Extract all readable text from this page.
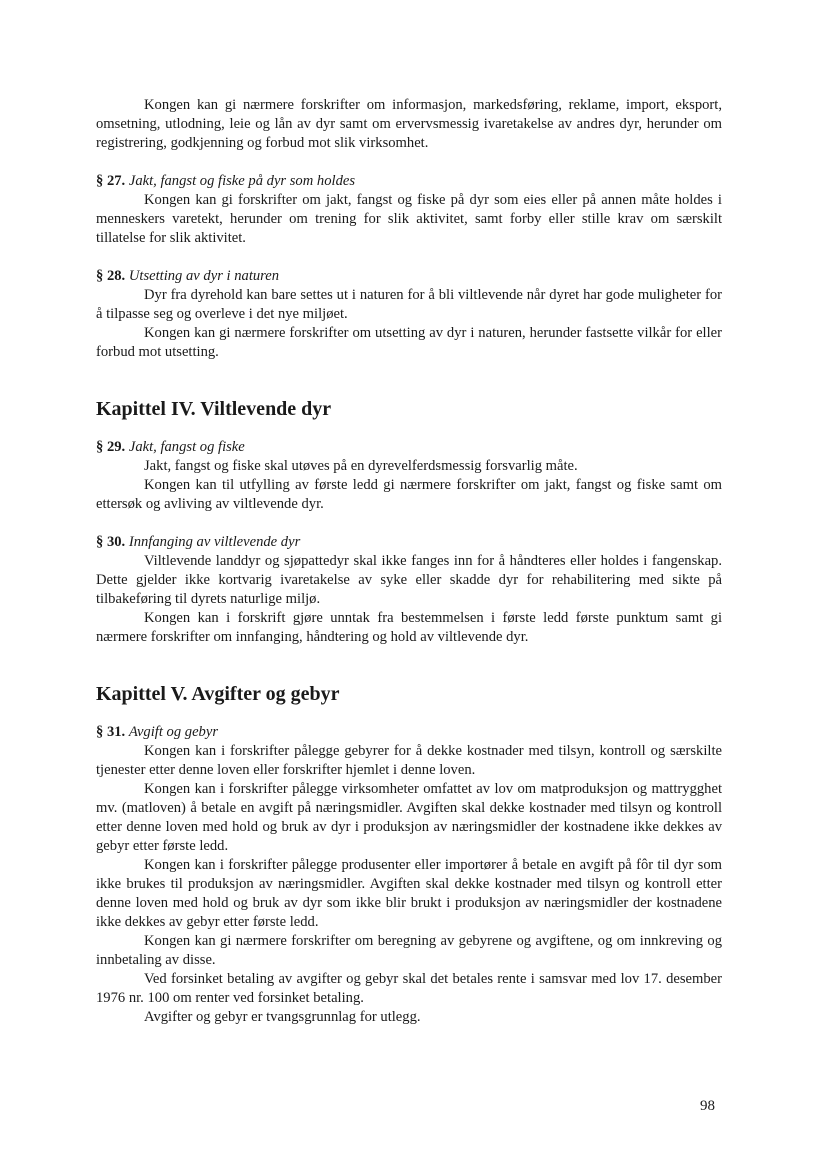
Kongen kan gi nærmere forskrifter om informasjon, markedsføring, reklame, import, eksport, omsetning, utlodning, leie og lån av dyr samt om ervervsmessig ivaretakelse av andres dyr, herunder om registrering, godkjenning og forbud mot slik virksomhet.

§ 27. Jakt, fangst og fiske på dyr som holdes

Kongen kan gi forskrifter om jakt, fangst og fiske på dyr som eies eller på annen måte holdes i menneskers varetekt, herunder om trening for slik aktivitet, samt forby eller stille krav om særskilt tillatelse for slik aktivitet.

§ 28. Utsetting av dyr i naturen

Dyr fra dyrehold kan bare settes ut i naturen for å bli viltlevende når dyret har gode muligheter for å tilpasse seg og overleve i det nye miljøet.

Kongen kan gi nærmere forskrifter om utsetting av dyr i naturen, herunder fastsette vilkår for eller forbud mot utsetting.

Kapittel IV. Viltlevende dyr

§ 29. Jakt, fangst og fiske

Jakt, fangst og fiske skal utøves på en dyrevelferdsmessig forsvarlig måte.

Kongen kan til utfylling av første ledd gi nærmere forskrifter om jakt, fangst og fiske samt om ettersøk og avliving av viltlevende dyr.

§ 30. Innfanging av viltlevende dyr

Viltlevende landdyr og sjøpattedyr skal ikke fanges inn for å håndteres eller holdes i fangenskap. Dette gjelder ikke kortvarig ivaretakelse av syke eller skadde dyr for rehabilitering med sikte på tilbakeføring til dyrets naturlige miljø.

Kongen kan i forskrift gjøre unntak fra bestemmelsen i første ledd første punktum samt gi nærmere forskrifter om innfanging, håndtering og hold av viltlevende dyr.

Kapittel V. Avgifter og gebyr

§ 31. Avgift og gebyr

Kongen kan i forskrifter pålegge gebyrer for å dekke kostnader med tilsyn, kontroll og særskilte tjenester etter denne loven eller forskrifter hjemlet i denne loven.

Kongen kan i forskrifter pålegge virksomheter omfattet av lov om matproduksjon og mattrygghet mv. (matloven) å betale en avgift på næringsmidler. Avgiften skal dekke kostnader med tilsyn og kontroll etter denne loven med hold og bruk av dyr i produksjon av næringsmidler der kostnadene ikke dekkes av gebyr etter første ledd.

Kongen kan i forskrifter pålegge produsenter eller importører å betale en avgift på fôr til dyr som ikke brukes til produksjon av næringsmidler. Avgiften skal dekke kostnader med tilsyn og kontroll etter denne loven med hold og bruk av dyr som ikke blir brukt i produksjon av næringsmidler der kostnadene ikke dekkes av gebyr etter første ledd.

Kongen kan gi nærmere forskrifter om beregning av gebyrene og avgiftene, og om innkreving og innbetaling av disse.

Ved forsinket betaling av avgifter og gebyr skal det betales rente i samsvar med lov 17. desember 1976 nr. 100 om renter ved forsinket betaling.

Avgifter og gebyr er tvangsgrunnlag for utlegg.

98
